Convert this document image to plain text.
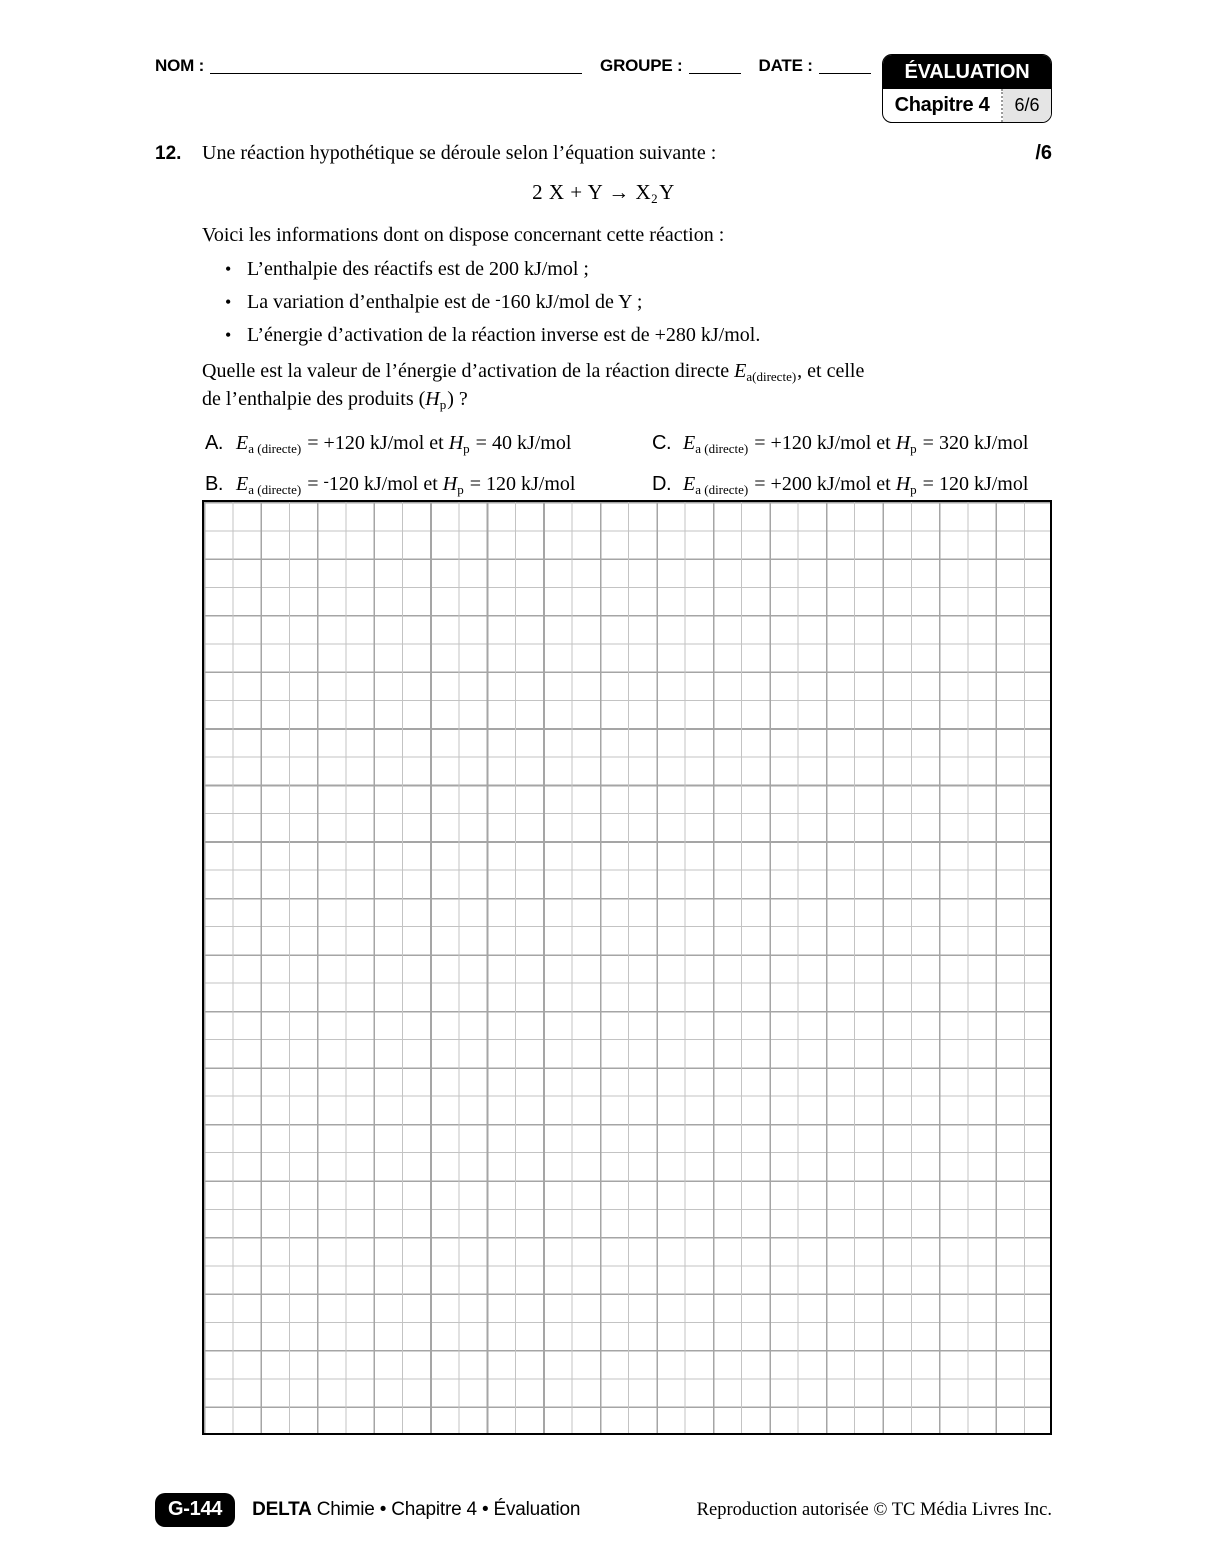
NOM :	GROUPE :	DATE :	ÉVALUATION
Chapitre 4	6/6
12. Une réaction hypothétique se déroule selon l’équation suivante :	/6
2 $X + Y \to X_2Y$

Voici les informations dont on dispose concernant cette réaction :

• L’enthalpie des réactifs est de 200 kJ/mol ;
• La variation d’enthalpie est de -160 kJ/mol de Y ;
• L’énergie d’activation de la réaction inverse est de +280 kJ/mol.

Quelle est la valeur de l’énergie d’activation de la réaction directe $E_{a(directe)}$, et celle
de l’enthalpie des produits $(H_p)$ ?

A. $E_{a (directe)} = +120$ kJ/mol et $H_p = 40$ kJ/mol
B. $E_{a (directe)} = ^-120$ kJ/mol et $H_p = 120$ kJ/mol
C. $E_{a (directe)} = +120$ kJ/mol et $H_p = 320$ kJ/mol
D. $E_{a (directe)} = +200$ kJ/mol et $H_p = 120$ kJ/mol
G-144	DELTA Chimie • Chapitre 4 • Évaluation	Reproduction autorisée © TC Média Livres Inc.
